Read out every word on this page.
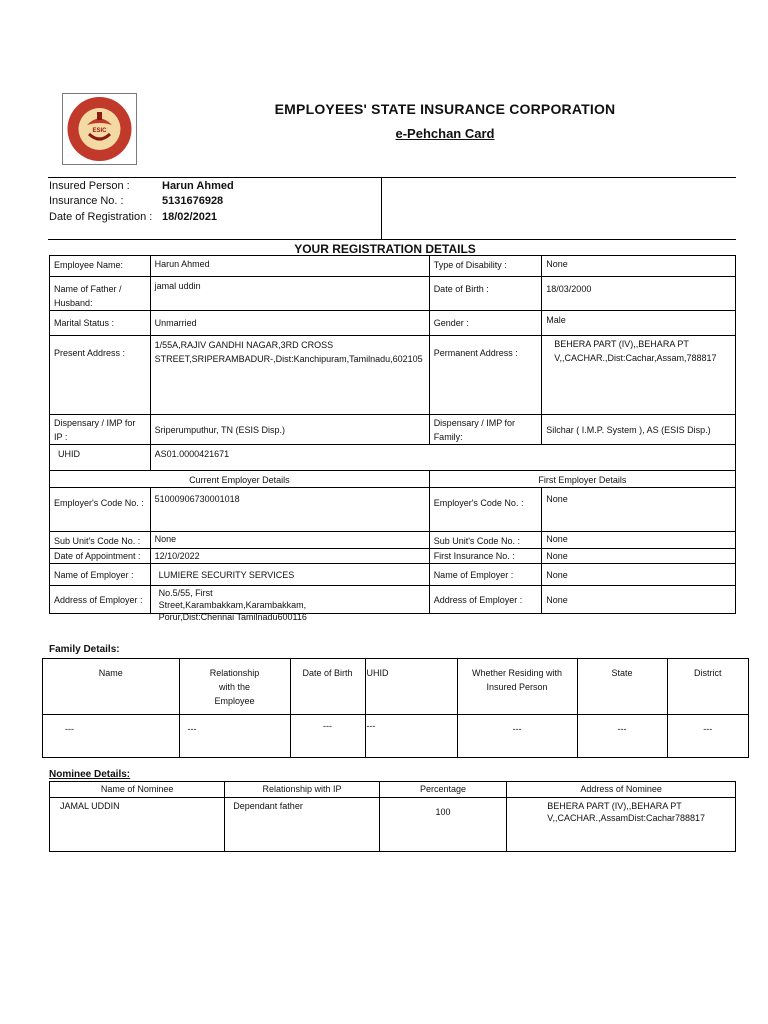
ESIC
EMPLOYEES' STATE INSURANCE CORPORATION
e-Pehchan Card
Insured Person :	Harun Ahmed
Insurance No. :	5131676928
Date of Registration : 18/02/2021
YOUR REGISTRATION DETAILS
Employee Name:	Harun Ahmed	Type of Disability :	None
Name of Father / Husband:	jamal uddin	Date of Birth :	18/03/2000
Marital Status :	Unmarried	Gender :	Male
Present Address :	1/55A,RAJIV GANDHI NAGAR,3RD CROSS STREET,SRIPERAMBADUR-,Dist:Kanchipuram,Tamilnadu,602105	Permanent Address :	BEHERA PART (IV),,BEHARA PT V,,CACHAR.,Dist:Cachar,Assam,788817
Dispensary / IMP for IP :	Sriperumputhur, TN (ESIS Disp.)	Dispensary / IMP for Family:	Silchar ( I.M.P. System ), AS (ESIS Disp.)
UHID	AS01.0000421671		
Current Employer Details		First Employer Details	
Employer's Code No. :	51000906730001018	Employer's Code No. :	None
Sub Unit's Code No. :	None	Sub Unit's Code No. :	None
Date of Appointment :	12/10/2022	First Insurance No. :	None
Name of Employer :	LUMIERE SECURITY SERVICES	Name of Employer :	None
Address of Employer :	No.5/55, First Street,Karambakkam,Karambakkam, Porur,Dist:Chennai Tamilnadu600116	Address of Employer :	None
Family Details:
Name	Relationship with the Employee	Date of Birth	UHID	Whether Residing with Insured Person	State	District
---	---	---	---	---	---	---
Nominee Details:
Name of Nominee	Relationship with IP	Percentage	Address of Nominee
JAMAL UDDIN	Dependant father	100	BEHERA PART (IV),,BEHARA PT V,,CACHAR.,AssamDist:Cachar788817
